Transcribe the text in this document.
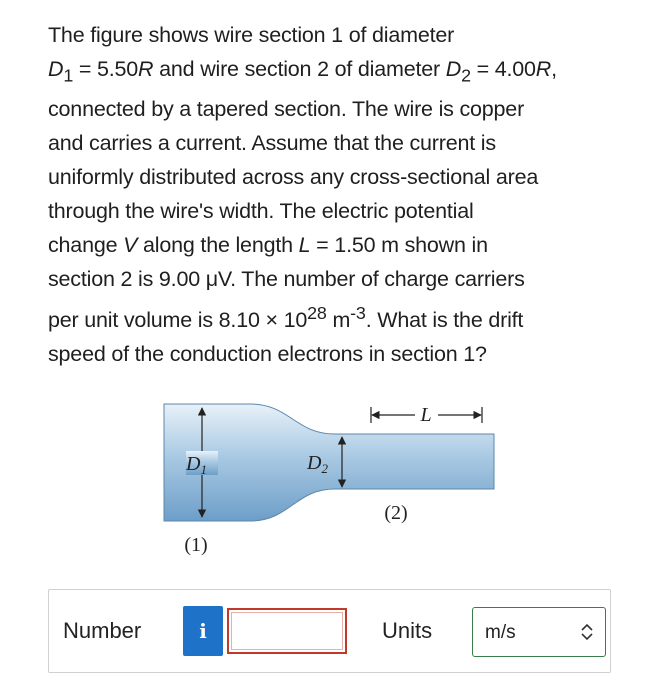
The figure shows wire section 1 of diameter

$D_1 = 5.50R$ and wire section 2 of diameter $D_2 = 4.00R$,

connected by a tapered section. The wire is copper

and carries a current. Assume that the current is

uniformly distributed across any cross-sectional area

through the wire's width. The electric potential

change V along the length L = 1.50 m shown in

section 2 is 9.00 μV. The number of charge carriers

per unit volume is $8.10 \times 10^{28}$ $m^{-3}$. What is the drift

speed of the conduction electrons in section 1?

$D_1$	$D_2$
L
(1)
(2)
Number	i	Units	m/s
